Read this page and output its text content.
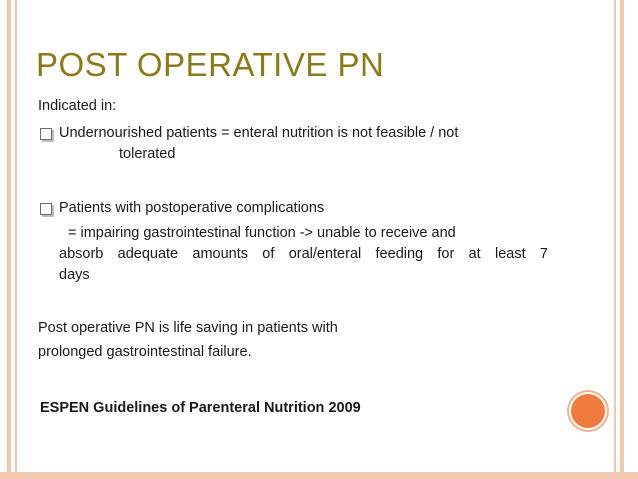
POST OPERATIVE PN
Indicated in:
Undernourished patients = enteral nutrition is not feasible / not
tolerated
Patients with postoperative complications
= impairing gastrointestinal function -> unable to receive and
absorb adequate amounts of oral/enteral feeding for at least 7
days
Post operative PN is life saving in patients with
prolonged gastrointestinal failure.
ESPEN Guidelines of Parenteral Nutrition 2009
